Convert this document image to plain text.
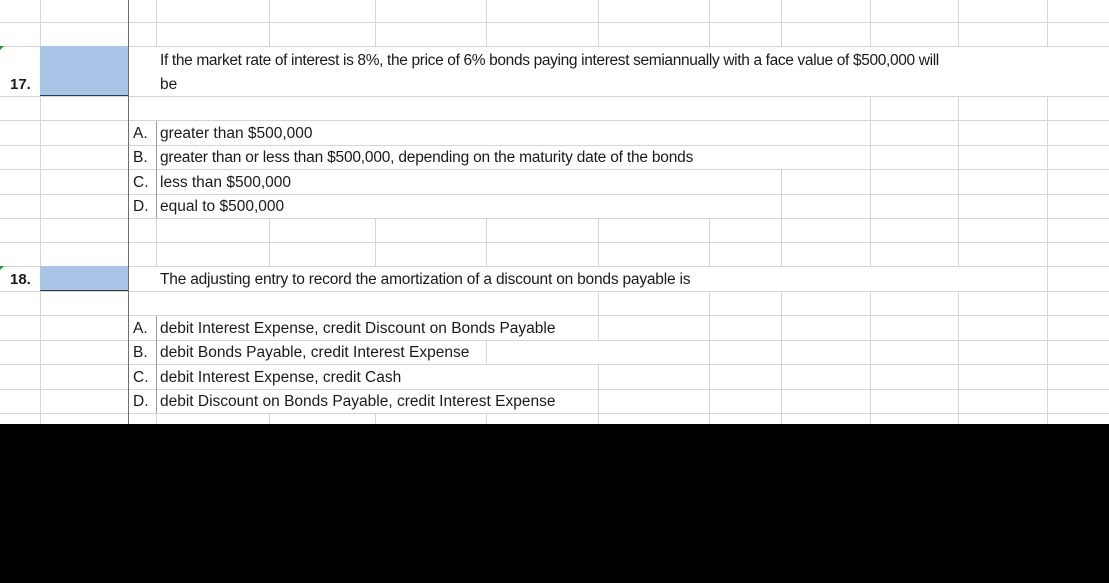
17.
If the market rate of interest is 8%, the price of 6% bonds paying interest semiannually with a face value of $500,000 will
be
A. greater than $500,000
B. greater than or less than $500,000, depending on the maturity date of the bonds
C. less than $500,000
D. equal to $500,000
18.	The adjusting entry to record the amortization of a discount on bonds payable is
A. debit Interest Expense, credit Discount on Bonds Payable
B. debit Bonds Payable, credit Interest Expense
C. debit Interest Expense, credit Cash
D. debit Discount on Bonds Payable, credit Interest Expense
